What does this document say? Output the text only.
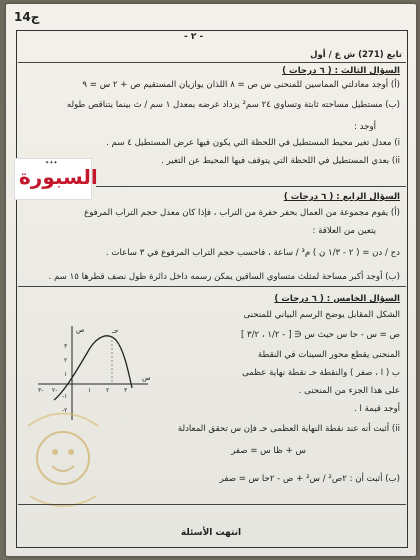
ج14
- ٢ -
تابع (271) ش ع / أول
السؤال الثالث : ( ٦ درجات )
(أ) أوجد معادلتي المماسين للمنحنى س ص = ٨ اللذان يوازيان المستقيم ص + ٢ س = ٩
(ب) مستطيل مساحته ثابتة وتساوي ٢٤ سم² يزداد عرضه بمعدل ١ سم / ث بينما يتناقص طوله
أوجد :
i) معدل تغير محيط المستطيل في اللحظة التي يكون فيها عرض المستطيل ٤ سم .
ii) بعدي المستطيل في اللحظة التي يتوقف فيها المحيط عن التغير .
✦✦✦
السبورة
السؤال الرابع : ( ٦ درجات )
(أ) يقوم مجموعة من العمال بحفر حفرة من التراب ، فإذا كان معدل حجم التراب المرفوع
يتعين من العلاقة :
دح / دن = ( ٢ - ١/٣ ن ) م³ / ساعة ، فاحسب حجم التراب المرفوع في ٣ ساعات .
(ب) أوجد أكبر مساحة لمثلث متساوي الساقين يمكن رسمه داخل دائرة طول نصف قطرها ١٥ سم .
السؤال الخامس : ( ٦ درجات )
الشكل المقابل يوضح الرسم البياني للمنحنى
ص = س - حا س حيث س ∈ [ - ١/٢ ، ٣/٢ ]
المنحنى يقطع محور السينات في النقطة
ب ( ا ، صفر ) والنقطة حـ نقطة نهاية عظمى
على هذا الجزء من المنحنى .
أوجد قيمة ا .
ii) أثبت أنه عند نقطة النهاية العظمى حـ فإن س تحقق المعادلة
س + ظا س = صفر
(ب) أثبت أن : ٢ص² / س² + ص - ٢حا س = صفر
ص
س
حـ
٣
٢
١
-١
-٢
٣
٢
١
٢-
٣-
انتهت الأسئلة
